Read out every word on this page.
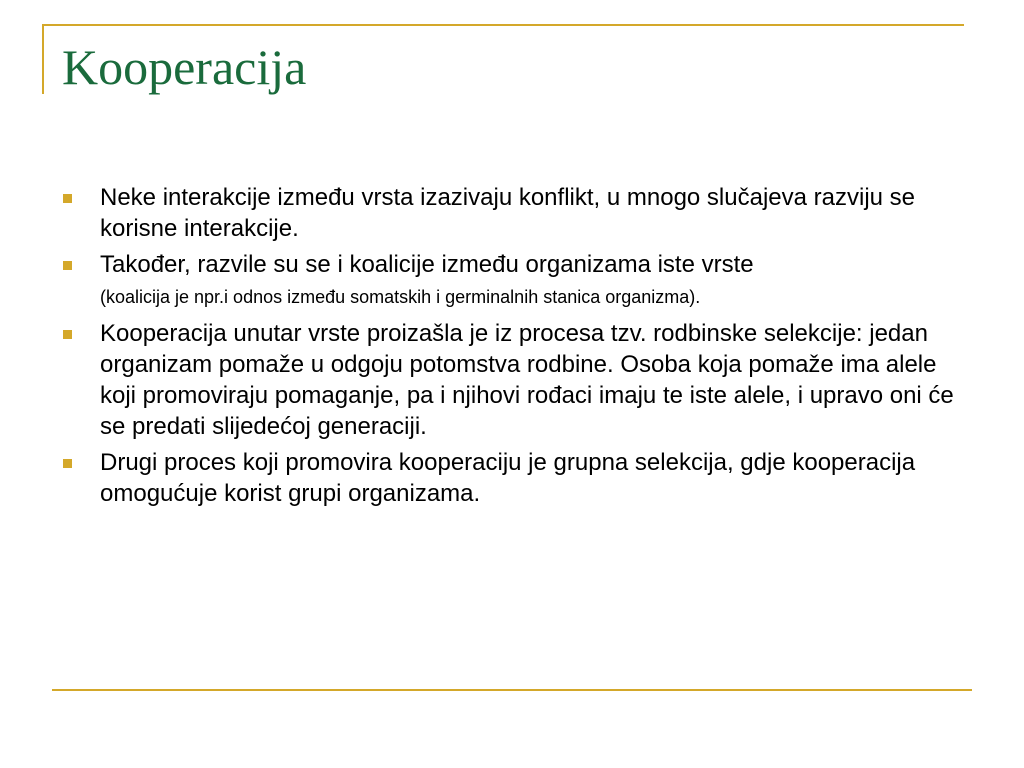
Kooperacija
Neke interakcije između vrsta izazivaju konflikt, u mnogo slučajeva razviju se korisne interakcije.
Također, razvile su se i koalicije između organizama iste vrste
(koalicija je npr.i odnos između somatskih i germinalnih stanica organizma).
Kooperacija unutar vrste proizašla je iz procesa tzv. rodbinske selekcije: jedan organizam pomaže u odgoju potomstva rodbine. Osoba koja pomaže ima alele koji promoviraju pomaganje, pa i njihovi rođaci imaju te iste alele, i upravo oni će se predati slijedećoj generaciji.
Drugi proces koji promovira kooperaciju je grupna selekcija, gdje kooperacija omogućuje korist grupi organizama.
